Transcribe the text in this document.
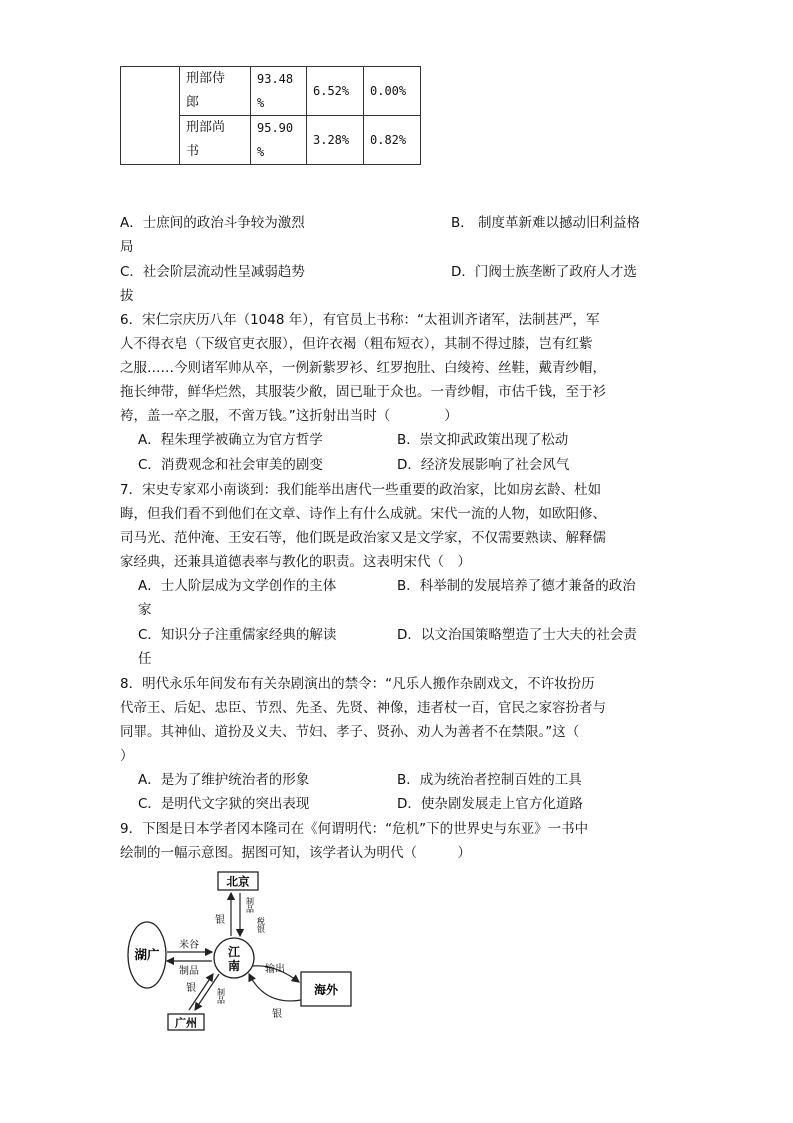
	刑部侍
郎	93.48
%	6.52%	0.00%
	刑部尚
书	95.90
%	3.28%	0.82%
A．士庶间的政治斗争较为激烈	B． 制度革新难以撼动旧利益格
局
C．社会阶层流动性呈减弱趋势	D．门阀士族垄断了政府人才选
拔
6．宋仁宗庆历八年（1048 年），有官员上书称：“太祖训齐诸军，法制甚严，军
人不得衣皂（下级官吏衣服），但许衣褐（粗布短衣），其制不得过膝，岂有红紫
之服……今则诸军帅从卒，一例新紫罗衫、红罗抱肚、白绫袴、丝鞋，戴青纱帽，
拖长绅带，鲜华烂然，其服装少敝，固已耻于众也。一青纱帽，市估千钱，至于衫
袴，盖一卒之服，不啻万钱。”这折射出当时（　　　　）
A．程朱理学被确立为官方哲学	B．崇文抑武政策出现了松动
C．消费观念和社会审美的剧变	D．经济发展影响了社会风气
7．宋史专家邓小南谈到：我们能举出唐代一些重要的政治家，比如房玄龄、杜如
晦，但我们看不到他们在文章、诗作上有什么成就。宋代一流的人物，如欧阳修、
司马光、范仲淹、王安石等，他们既是政治家又是文学家，不仅需要熟读、解释儒
家经典，还兼具道德表率与教化的职责。这表明宋代（　）
A．士人阶层成为文学创作的主体	B．科举制的发展培养了德才兼备的政治
家
C．知识分子注重儒家经典的解读	D．以文治国策略塑造了士大夫的社会责
任
8．明代永乐年间发布有关杂剧演出的禁令：“凡乐人搬作杂剧戏文，不许妆扮历
代帝王、后妃、忠臣、节烈、先圣、先贤、神像，违者杖一百，官民之家容扮者与
同罪。其神仙、道扮及义夫、节妇、孝子、贤孙、劝人为善者不在禁限。”这（
）
A．是为了维护统治者的形象	B．成为统治者控制百姓的工具
C．是明代文字狱的突出表现	D．使杂剧发展走上官方化道路
9．下图是日本学者冈本隆司在《何谓明代：“危机”下的世界史与东亚》一书中
绘制的一幅示意图。据图可知，该学者认为明代（　　　）
北京
湖广	江
南
海外
广州
银
制品
税银
米谷
制品
银	制品
输出
银
